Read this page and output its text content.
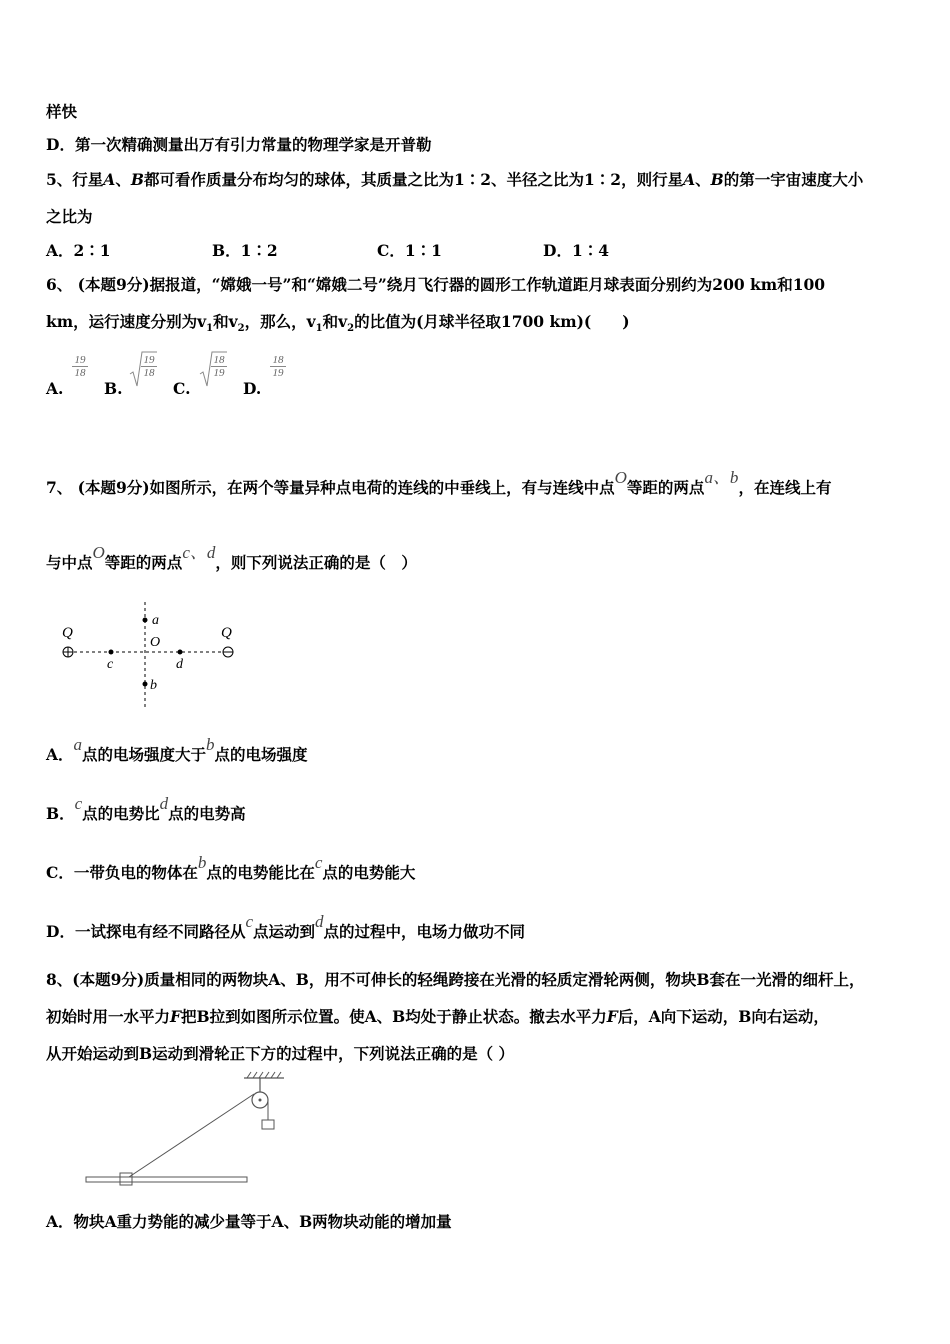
样快
D．第一次精确测量出万有引力常量的物理学家是开普勒
5、行星A、B都可看作质量分布均匀的球体，其质量之比为1∶2、半径之比为1∶2，则行星A、B的第一宇宙速度大小
之比为
A．2∶1	B．1∶2	C．1∶1	D．1∶4
6、 (本题9分)据报道，“嫦娥一号”和“嫦娥二号”绕月飞行器的圆形工作轨道距月球表面分别约为200 km和100
km，运行速度分别为$v_1$和$v_2$，那么，$v_1$和$v_2$的比值为(月球半径取1700 km)(　　)
A.
$\frac{19}{18}$
B.
$\frac{19}{18}$
C.
$\frac{18}{19}$
D.
$\frac{18}{19}$
7、 (本题9分)如图所示，在两个等量异种点电荷的连线的中垂线上，有与连线中点O等距的两点a、b，在连线上有
与中点O等距的两点c、d，则下列说法正确的是（　）
Q	Q
a
O
c	d
b
A．a点的电场强度大于b点的电场强度
B．c点的电势比d点的电势高
C．一带负电的物体在b点的电势能比在c点的电势能大
D．一试探电有经不同路径从c点运动到d点的过程中，电场力做功不同
8、(本题9分)质量相同的两物块A、B，用不可伸长的轻绳跨接在光滑的轻质定滑轮两侧，物块B套在一光滑的细杆上，
初始时用一水平力F把B拉到如图所示位置。使A、B均处于静止状态。撤去水平力F后，A向下运动，B向右运动，
从开始运动到B运动到滑轮正下方的过程中，下列说法正确的是（ ）
A．物块A重力势能的减少量等于A、B两物块动能的增加量
